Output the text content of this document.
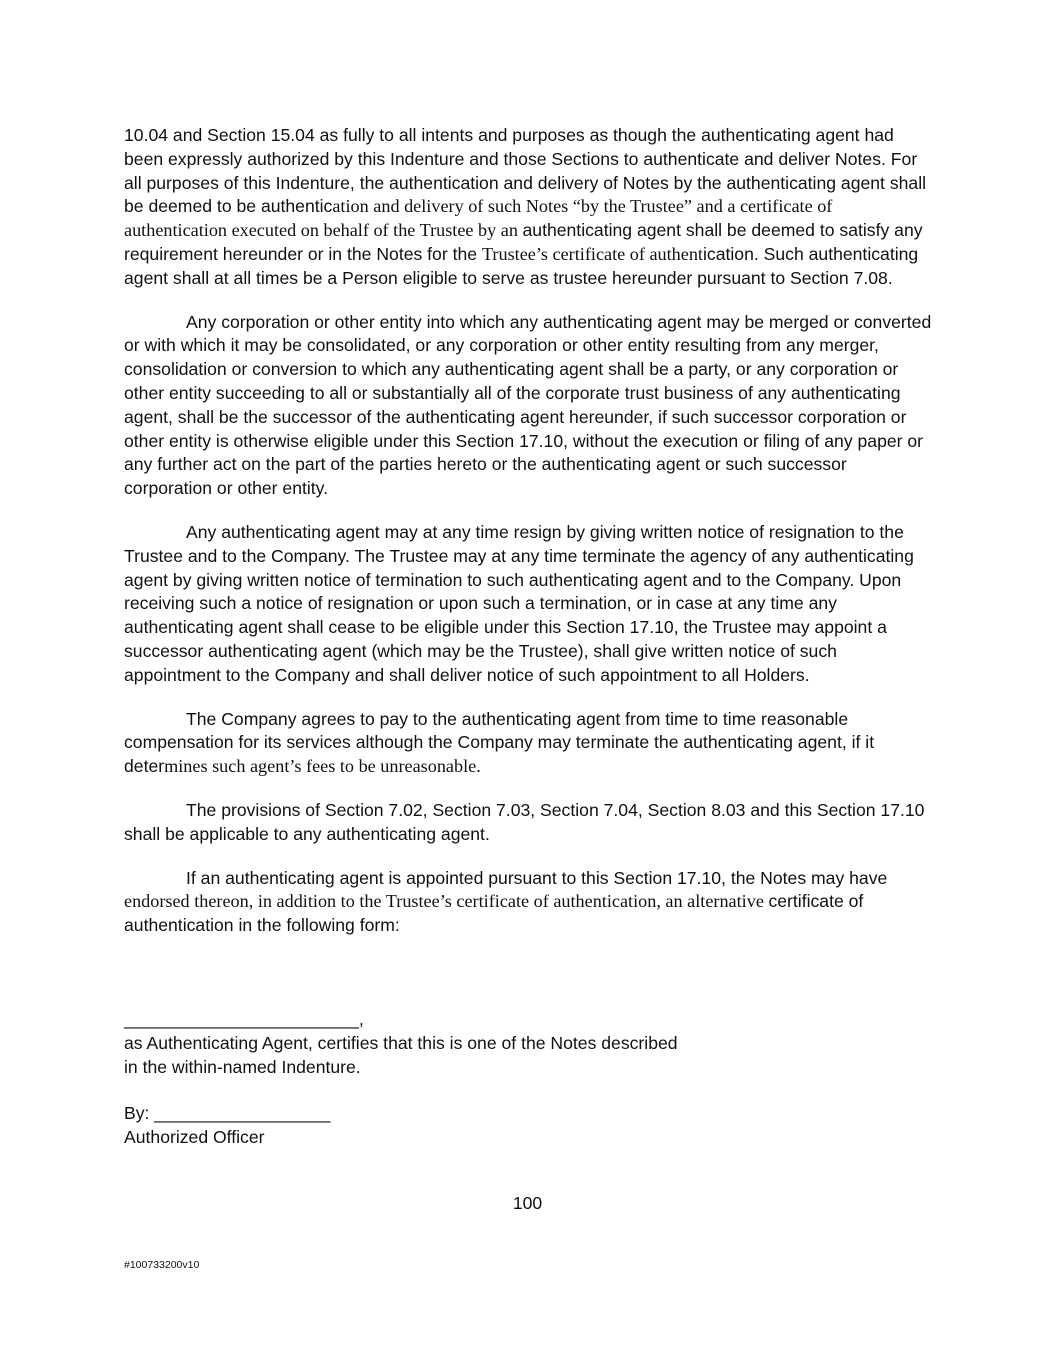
10.04 and Section 15.04 as fully to all intents and purposes as though the authenticating agent had been expressly authorized by this Indenture and those Sections to authenticate and deliver Notes. For all purposes of this Indenture, the authentication and delivery of Notes by the authenticating agent shall be deemed to be authentication and delivery of such Notes “by the Trustee” and a certificate of authentication executed on behalf of the Trustee by an authenticating agent shall be deemed to satisfy any requirement hereunder or in the Notes for the Trustee’s certificate of authentication. Such authenticating agent shall at all times be a Person eligible to serve as trustee hereunder pursuant to Section 7.08.

Any corporation or other entity into which any authenticating agent may be merged or converted or with which it may be consolidated, or any corporation or other entity resulting from any merger, consolidation or conversion to which any authenticating agent shall be a party, or any corporation or other entity succeeding to all or substantially all of the corporate trust business of any authenticating agent, shall be the successor of the authenticating agent hereunder, if such successor corporation or other entity is otherwise eligible under this Section 17.10, without the execution or filing of any paper or any further act on the part of the parties hereto or the authenticating agent or such successor corporation or other entity.

Any authenticating agent may at any time resign by giving written notice of resignation to the Trustee and to the Company. The Trustee may at any time terminate the agency of any authenticating agent by giving written notice of termination to such authenticating agent and to the Company. Upon receiving such a notice of resignation or upon such a termination, or in case at any time any authenticating agent shall cease to be eligible under this Section 17.10, the Trustee may appoint a successor authenticating agent (which may be the Trustee), shall give written notice of such appointment to the Company and shall deliver notice of such appointment to all Holders.

The Company agrees to pay to the authenticating agent from time to time reasonable compensation for its services although the Company may terminate the authenticating agent, if it determines such agent’s fees to be unreasonable.

The provisions of Section 7.02, Section 7.03, Section 7.04, Section 8.03 and this Section 17.10 shall be applicable to any authenticating agent.

If an authenticating agent is appointed pursuant to this Section 17.10, the Notes may have endorsed thereon, in addition to the Trustee’s certificate of authentication, an alternative certificate of authentication in the following form:

________________________,

as Authenticating Agent, certifies that this is one of the Notes described

in the within-named Indenture.

By: __________________

Authorized Officer

100
#100733200v10
